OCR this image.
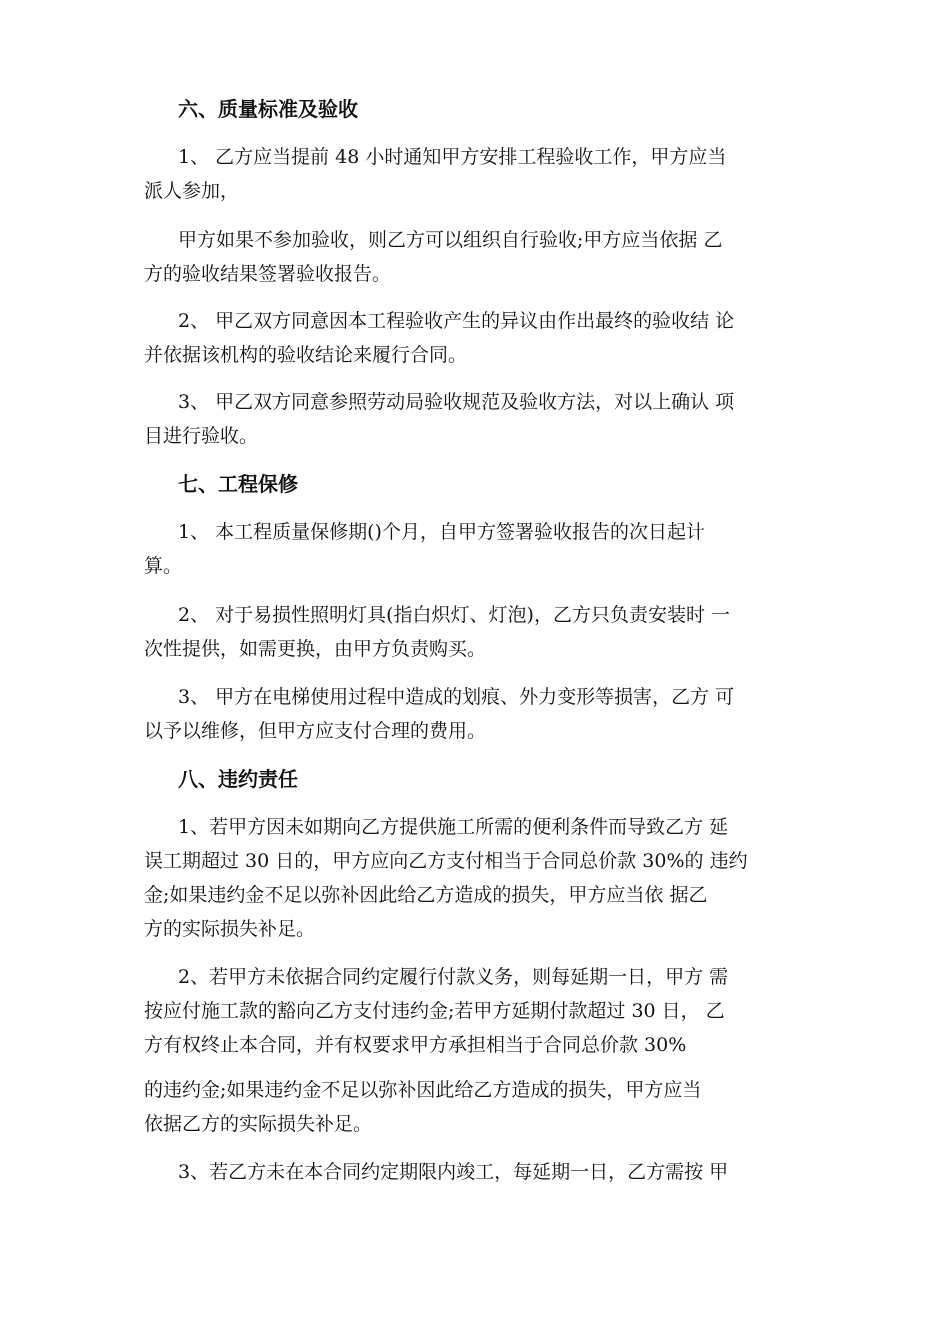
六、质量标准及验收
1、 乙方应当提前 48 小时通知甲方安排工程验收工作，甲方应当
派人参加，
甲方如果不参加验收，则乙方可以组织自行验收;甲方应当依据 乙
方的验收结果签署验收报告。
2、 甲乙双方同意因本工程验收产生的异议由作出最终的验收结 论
并依据该机构的验收结论来履行合同。
3、 甲乙双方同意参照劳动局验收规范及验收方法，对以上确认 项
目进行验收。
七、工程保修
1、 本工程质量保修期()个月，自甲方签署验收报告的次日起计
算。
2、 对于易损性照明灯具(指白炽灯、灯泡)，乙方只负责安装时 一
次性提供，如需更换，由甲方负责购买。
3、 甲方在电梯使用过程中造成的划痕、外力变形等损害，乙方 可
以予以维修，但甲方应支付合理的费用。
八、违约责任
1、若甲方因未如期向乙方提供施工所需的便利条件而导致乙方 延
误工期超过 30 日的，甲方应向乙方支付相当于合同总价款 30%的 违约
金;如果违约金不足以弥补因此给乙方造成的损失，甲方应当依 据乙
方的实际损失补足。
2、若甲方未依据合同约定履行付款义务，则每延期一日，甲方 需
按应付施工款的豁向乙方支付违约金;若甲方延期付款超过 30 日， 乙
方有权终止本合同，并有权要求甲方承担相当于合同总价款 30%
的违约金;如果违约金不足以弥补因此给乙方造成的损失，甲方应当
依据乙方的实际损失补足。
3、若乙方未在本合同约定期限内竣工，每延期一日，乙方需按 甲
